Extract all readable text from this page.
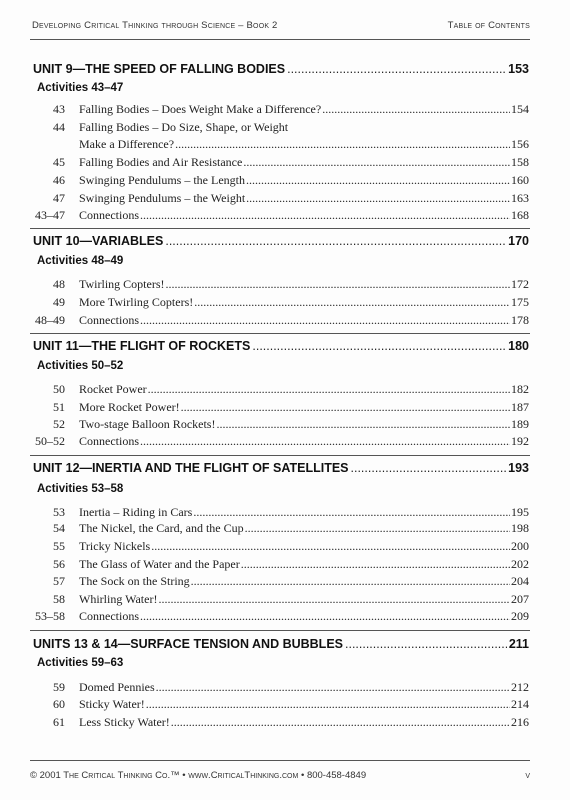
Developing Critical Thinking through Science – Book 2	Table of Contents
UNIT 9—THE SPEED OF FALLING BODIES .....	153
Activities 43–47
43 Falling Bodies – Does Weight Make a Difference? .....	154
44 Falling Bodies – Do Size, Shape, or Weight
Make a Difference? .....	156
45 Falling Bodies and Air Resistance .....	158
46 Swinging Pendulums – the Length .....	160
47 Swinging Pendulums – the Weight .....	163
43–47 Connections .....	168
UNIT 10—VARIABLES .....	170
Activities 48–49
48 Twirling Copters! .....	172
49 More Twirling Copters! .....	175
48–49 Connections .....	178
UNIT 11—THE FLIGHT OF ROCKETS .....	180
Activities 50–52
50 Rocket Power .....	182
51 More Rocket Power! .....	187
52 Two-stage Balloon Rockets! .....	189
50–52 Connections .....	192
UNIT 12—INERTIA AND THE FLIGHT OF SATELLITES .....	193
Activities 53–58
53 Inertia – Riding in Cars .....	195
54 The Nickel, the Card, and the Cup .....	198
55 Tricky Nickels .....	200
56 The Glass of Water and the Paper .....	202
57 The Sock on the String .....	204
58 Whirling Water! .....	207
53–58 Connections .....	209
UNITS 13 & 14—SURFACE TENSION AND BUBBLES .....	211
Activities 59–63
59 Domed Pennies .....	212
60 Sticky Water! .....	214
61 Less Sticky Water! .....	216
© 2001 The Critical Thinking Co.™ • www.CriticalThinking.com • 800-458-4849	v
